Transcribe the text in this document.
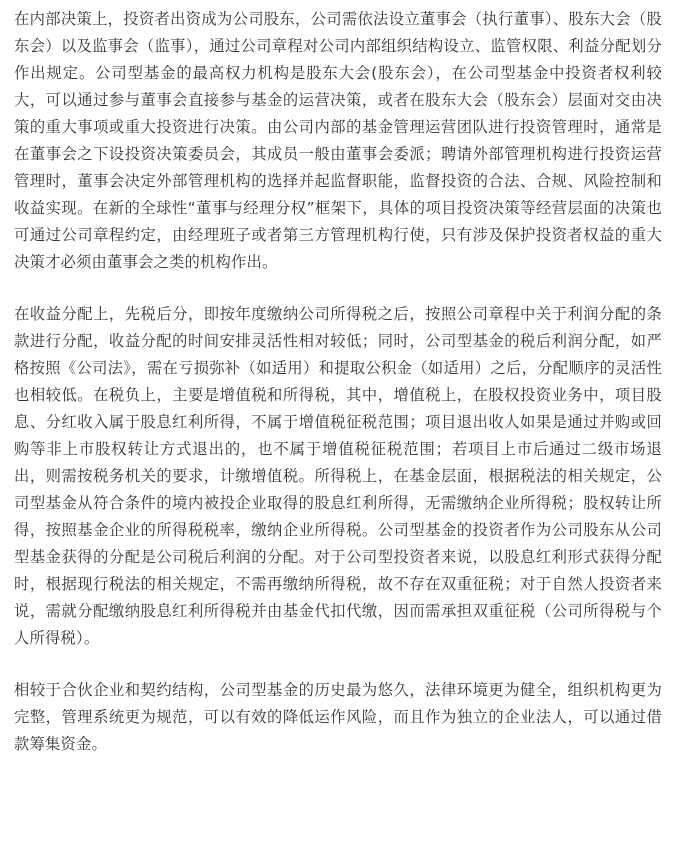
在内部决策上，投资者出资成为公司股东，公司需依法设立董事会（执行董事）、股东大会（股东会）以及监事会（监事），通过公司章程对公司内部组织结构设立、监管权限、利益分配划分作出规定。公司型基金的最高权力机构是股东大会(股东会），在公司型基金中投资者权利较大，可以通过参与董事会直接参与基金的运营决策，或者在股东大会（股东会）层面对交由决策的重大事项或重大投资进行决策。由公司内部的基金管理运营团队进行投资管理时，通常是在董事会之下设投资决策委员会，其成员一般由董事会委派；聘请外部管理机构进行投资运营管理时，董事会决定外部管理机构的选择并起监督职能，监督投资的合法、合规、风险控制和收益实现。在新的全球性“董事与经理分权”框架下，具体的项目投资决策等经营层面的决策也可通过公司章程约定，由经理班子或者第三方管理机构行使，只有涉及保护投资者权益的重大决策才必须由董事会之类的机构作出。

在收益分配上，先税后分，即按年度缴纳公司所得税之后，按照公司章程中关于利润分配的条款进行分配，收益分配的时间安排灵活性相对较低；同时，公司型基金的税后利润分配，如严格按照《公司法》，需在亏损弥补（如适用）和提取公积金（如适用）之后，分配顺序的灵活性也相较低。在税负上，主要是增值税和所得税，其中，增值税上，在股权投资业务中，项目股息、分红收入属于股息红利所得，不属于增值税征税范围；项目退出收人如果是通过并购或回购等非上市股权转让方式退出的，也不属于增值税征税范围；若项目上市后通过二级市场退出，则需按税务机关的要求，计缴增值税。所得税上，在基金层面，根据税法的相关规定，公司型基金从符合条件的境内被投企业取得的股息红利所得，无需缴纳企业所得税；股权转让所得，按照基金企业的所得税税率，缴纳企业所得税。公司型基金的投资者作为公司股东从公司型基金获得的分配是公司税后利润的分配。对于公司型投资者来说，以股息红利形式获得分配时，根据现行税法的相关规定，不需再缴纳所得税，故不存在双重征税；对于自然人投资者来说，需就分配缴纳股息红利所得税并由基金代扣代缴，因而需承担双重征税（公司所得税与个人所得税）。

相较于合伙企业和契约结构，公司型基金的历史最为悠久，法律环境更为健全，组织机构更为完整，管理系统更为规范，可以有效的降低运作风险，而且作为独立的企业法人，可以通过借款筹集资金。
